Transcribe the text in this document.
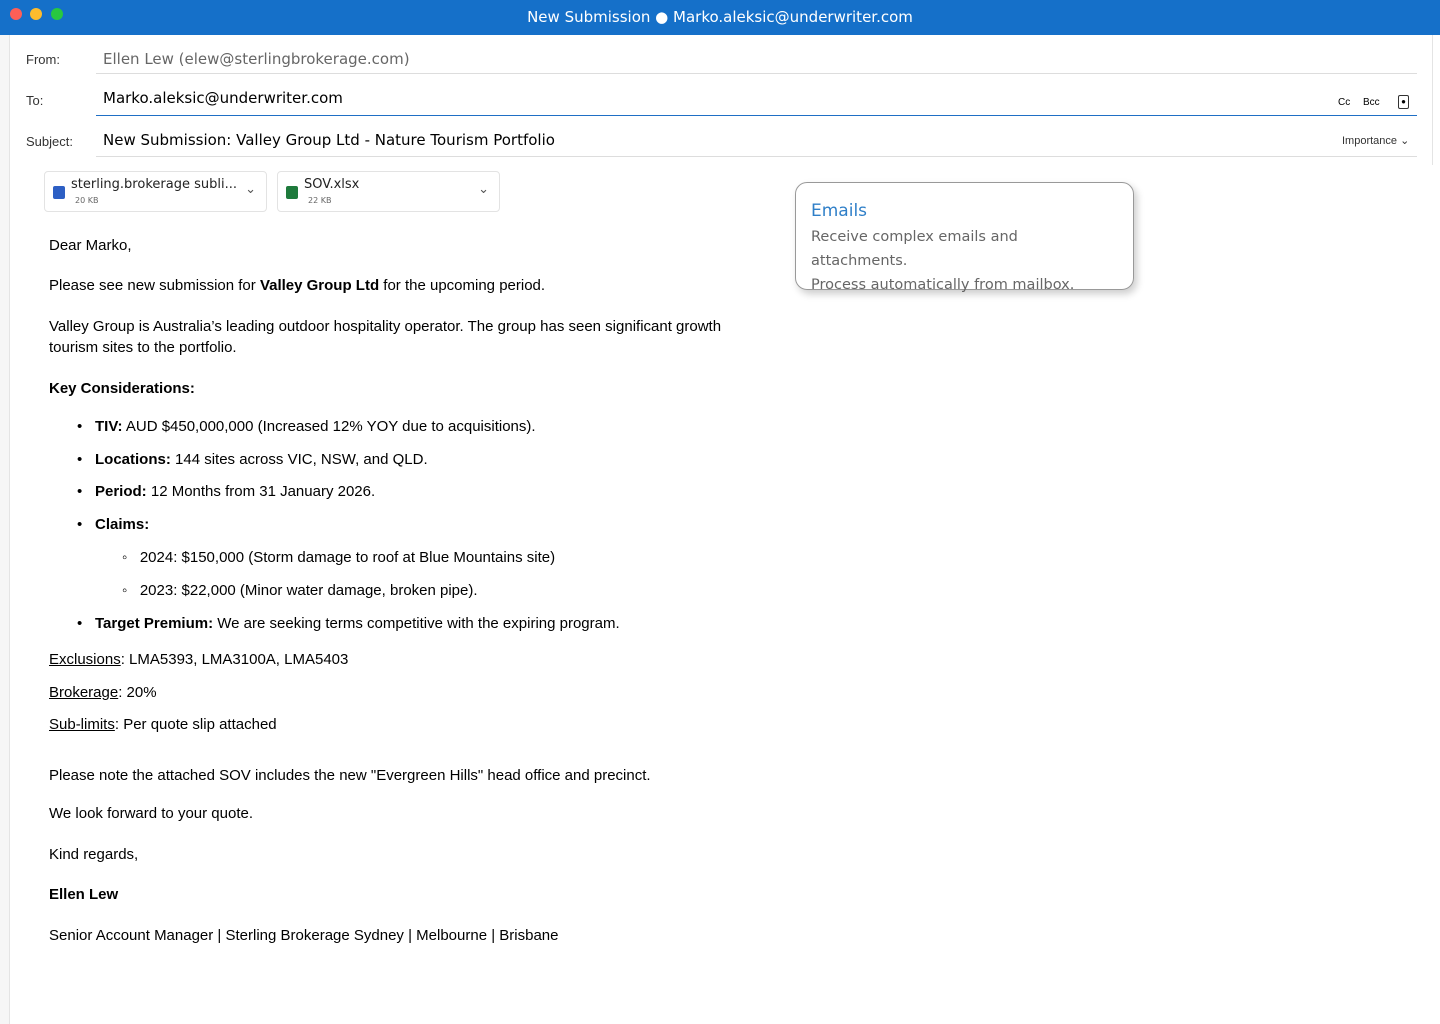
New Submission ● Marko.aleksic@underwriter.com
From:	Ellen Lew (elew@sterlingbrokerage.com)
To:	Marko.aleksic@underwriter.com	Cc Bcc	●
Subject:	New Submission: Valley Group Ltd - Nature Tourism Portfolio	Importance ⌄
sterling.brokerage subli...
20 KB
⌄	SOV.xlsx
22 KB
⌄
Emails

Receive complex emails and attachments.

Process automatically from mailbox.

Dear Marko,
Please see new submission for Valley Group Ltd for the upcoming period.
Valley Group is Australia’s leading outdoor hospitality operator. The group has seen significant growth
tourism sites to the portfolio.
Key Considerations:
• TIV: AUD $450,000,000 (Increased 12% YOY due to acquisitions).
• Locations: 144 sites across VIC, NSW, and QLD.
• Period: 12 Months from 31 January 2026.
• Claims:
◦   2024: $150,000 (Storm damage to roof at Blue Mountains site)
◦   2023: $22,000 (Minor water damage, broken pipe).
• Target Premium: We are seeking terms competitive with the expiring program.
Exclusions: LMA5393, LMA3100A, LMA5403
Brokerage: 20%
Sub-limits: Per quote slip attached
Please note the attached SOV includes the new "Evergreen Hills" head office and precinct.
We look forward to your quote.
Kind regards,
Ellen Lew
Senior Account Manager | Sterling Brokerage Sydney | Melbourne | Brisbane
